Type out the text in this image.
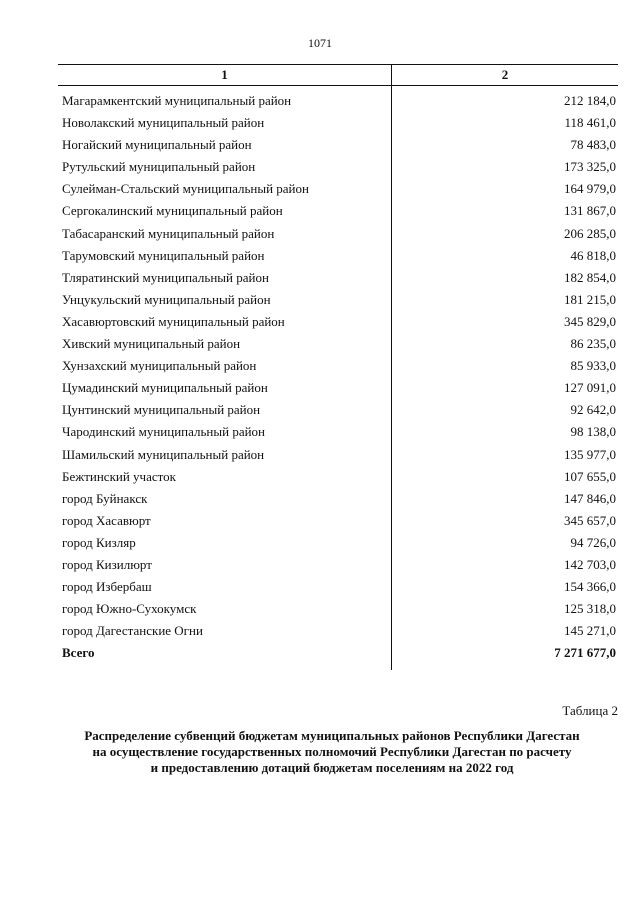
1071
1	2
Магарамкентский муниципальный район	212 184,0
Новолакский муниципальный район	118 461,0
Ногайский муниципальный район	78 483,0
Рутульский муниципальный район	173 325,0
Сулейман-Стальский муниципальный район	164 979,0
Сергокалинский муниципальный район	131 867,0
Табасаранский муниципальный район	206 285,0
Тарумовский муниципальный район	46 818,0
Тляратинский муниципальный район	182 854,0
Унцукульский муниципальный район	181 215,0
Хасавюртовский муниципальный район	345 829,0
Хивский муниципальный район	86 235,0
Хунзахский муниципальный район	85 933,0
Цумадинский муниципальный район	127 091,0
Цунтинский муниципальный район	92 642,0
Чародинский муниципальный район	98 138,0
Шамильский муниципальный район	135 977,0
Бежтинский участок	107 655,0
город Буйнакск	147 846,0
город Хасавюрт	345 657,0
город Кизляр	94 726,0
город Кизилюрт	142 703,0
город Избербаш	154 366,0
город Южно-Сухокумск	125 318,0
город Дагестанские Огни	145 271,0
Всего	7 271 677,0
Таблица 2
Распределение субвенций бюджетам муниципальных районов Республики Дагестан
на осуществление государственных полномочий Республики Дагестан по расчету
и предоставлению дотаций бюджетам поселениям на 2022 год
